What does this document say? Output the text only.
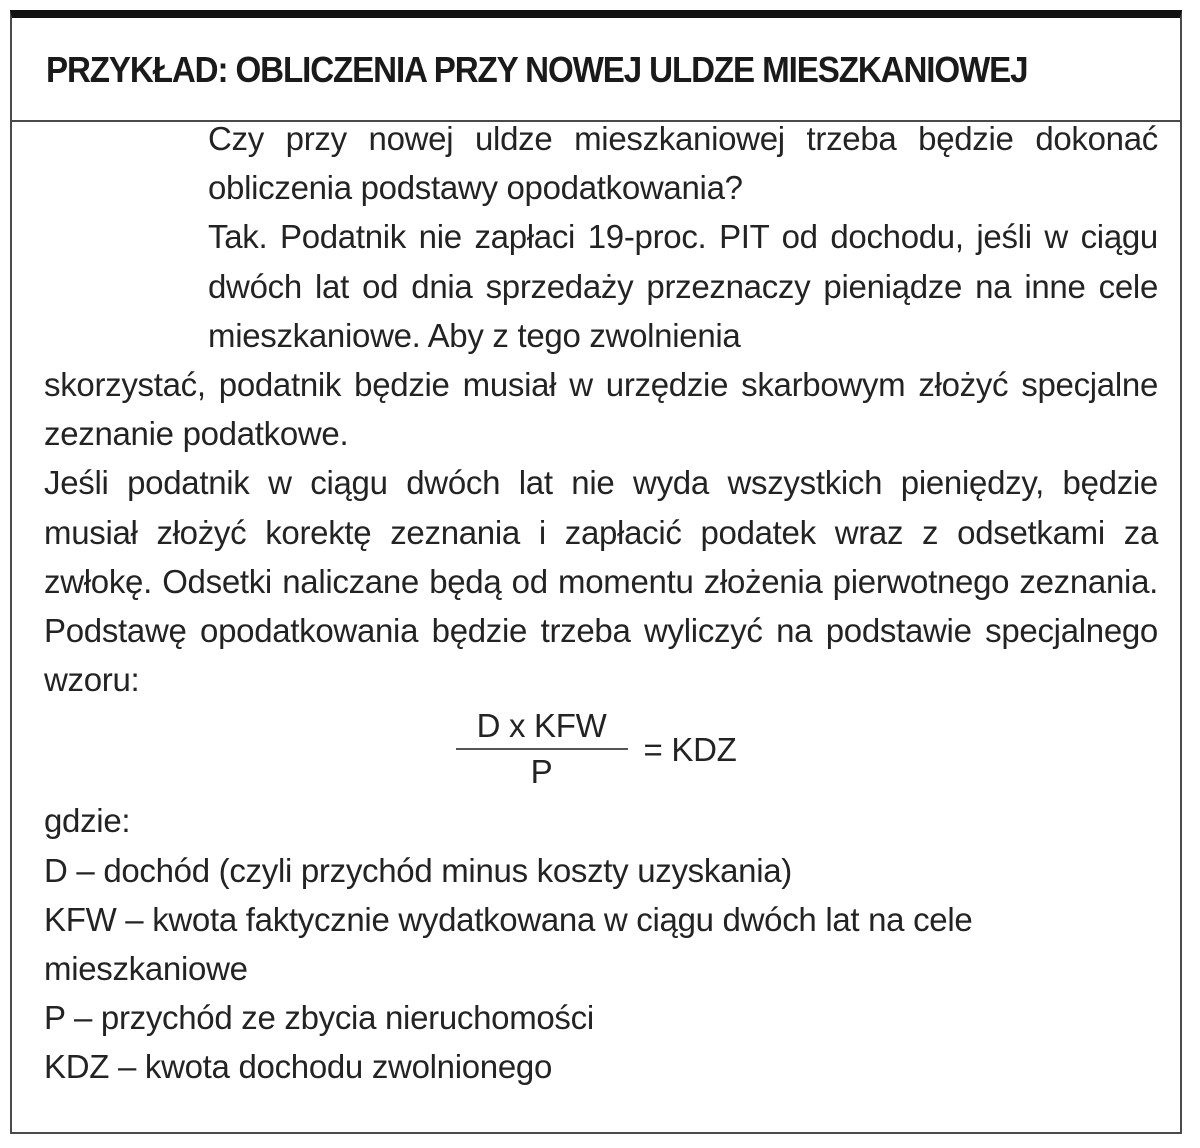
PRZYKŁAD: OBLICZENIA PRZY NOWEJ ULDZE MIESZKANIOWEJ

Czy przy nowej uldze mieszkaniowej trzeba będzie dokonać obliczenia podstawy opodatkowania?

Tak. Podatnik nie zapłaci 19-proc. PIT od dochodu, jeśli w ciągu dwóch lat od dnia sprzedaży przeznaczy pieniądze na inne cele mieszkaniowe. Aby z tego zwolnienia

skorzystać, podatnik będzie musiał w urzędzie skarbowym złożyć specjalne zeznanie podatkowe.

Jeśli podatnik w ciągu dwóch lat nie wyda wszystkich pieniędzy, będzie musiał złożyć korektę zeznania i zapłacić podatek wraz z odsetkami za zwłokę. Odsetki naliczane będą od momentu złożenia pierwotnego zeznania. Podstawę opodatkowania będzie trzeba wyliczyć na podstawie specjalnego wzoru:

$\frac{\text{D x KFW}}{P}$ = KDZ

gdzie:

D – dochód (czyli przychód minus koszty uzyskania)

KFW – kwota faktycznie wydatkowana w ciągu dwóch lat na cele mieszkaniowe

P – przychód ze zbycia nieruchomości

KDZ – kwota dochodu zwolnionego
